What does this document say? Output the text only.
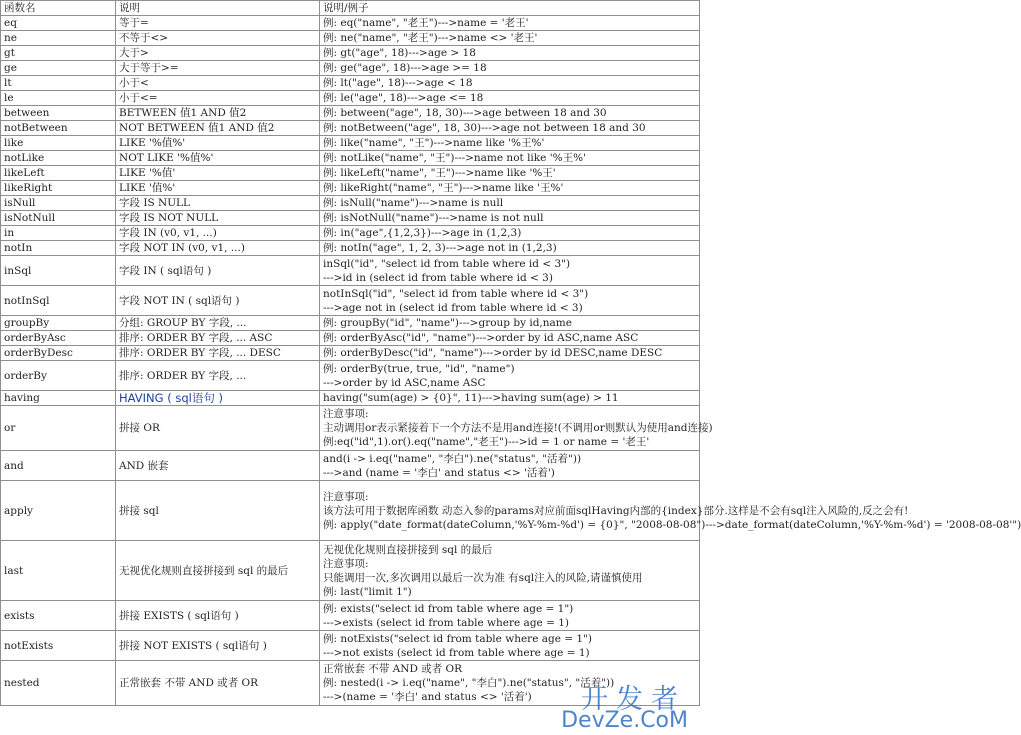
函数名	说明	说明/例子
eq	等于=	例: eq("name", "老王")--->name = '老王'

ne	不等于<>	例: ne("name", "老王")--->name <> '老王'

gt	大于>	例: gt("age", 18)--->age > 18

ge	大于等于>=	例: ge("age", 18)--->age >= 18

lt	小于<	例: lt("age", 18)--->age < 18

le	小于<=	例: le("age", 18)--->age <= 18

between	BETWEEN 值1 AND 值2	例: between("age", 18, 30)--->age between 18 and 30

notBetween	NOT BETWEEN 值1 AND 值2	例: notBetween("age", 18, 30)--->age not between 18 and 30

like	LIKE '%值%'	例: like("name", "王")--->name like '%王%'

notLike	NOT LIKE '%值%'	例: notLike("name", "王")--->name not like '%王%'

likeLeft	LIKE '%值'	例: likeLeft("name", "王")--->name like '%王'

likeRight	LIKE '值%'	例: likeRight("name", "王")--->name like '王%'

isNull	字段 IS NULL	例: isNull("name")--->name is null

isNotNull	字段 IS NOT NULL	例: isNotNull("name")--->name is not null

in	字段 IN (v0, v1, ...)	例: in("age",{1,2,3})--->age in (1,2,3)

notIn	字段 NOT IN (v0, v1, ...)	例: notIn("age", 1, 2, 3)--->age not in (1,2,3)

inSql	字段 IN ( sql语句 )	inSql("id", "select id from table where id < 3")
--->id in (select id from table where id < 3)

notInSql	字段 NOT IN ( sql语句 )	notInSql("id", "select id from table where id < 3")
--->age not in (select id from table where id < 3)

groupBy	分组: GROUP BY 字段, ...	例: groupBy("id", "name")--->group by id,name

orderByAsc	排序: ORDER BY 字段, ... ASC	例: orderByAsc("id", "name")--->order by id ASC,name ASC

orderByDesc	排序: ORDER BY 字段, ... DESC	例: orderByDesc("id", "name")--->order by id DESC,name DESC

orderBy	排序: ORDER BY 字段, ...	例: orderBy(true, true, "id", "name")
--->order by id ASC,name ASC

having	HAVING ( sql语句 )	having("sum(age) > {0}", 11)--->having sum(age) > 11

or	拼接 OR	注意事项:
主动调用or表示紧接着下一个方法不是用and连接!(不调用or则默认为使用and连接)
例:eq("id",1).or().eq("name","老王")--->id = 1 or name = '老王'

and	AND 嵌套	and(i -> i.eq("name", "李白").ne("status", "活着"))
--->and (name = '李白' and status <> '活着')

apply	拼接 sql	注意事项:
该方法可用于数据库函数 动态入参的params对应前面sqlHaving内部的{index}部分.这样是不会有sql注入风险的,反之会有!
例: apply("date_format(dateColumn,'%Y-%m-%d') = {0}", "2008-08-08")--->date_format(dateColumn,'%Y-%m-%d') = '2008-08-08'")

last	无视优化规则直接拼接到 sql 的最后	无视优化规则直接拼接到 sql 的最后
注意事项:
只能调用一次,多次调用以最后一次为准 有sql注入的风险,请谨慎使用
例: last("limit 1")

exists	拼接 EXISTS ( sql语句 )	例: exists("select id from table where age = 1")
--->exists (select id from table where age = 1)

notExists	拼接 NOT EXISTS ( sql语句 )	例: notExists("select id from table where age = 1")
--->not exists (select id from table where age = 1)

nested	正常嵌套 不带 AND 或者 OR	正常嵌套 不带 AND 或者 OR
例: nested(i -> i.eq("name", "李白").ne("status", "活着"))
--->(name = '李白' and status <> '活着')	开发者
DevZe.CoM
